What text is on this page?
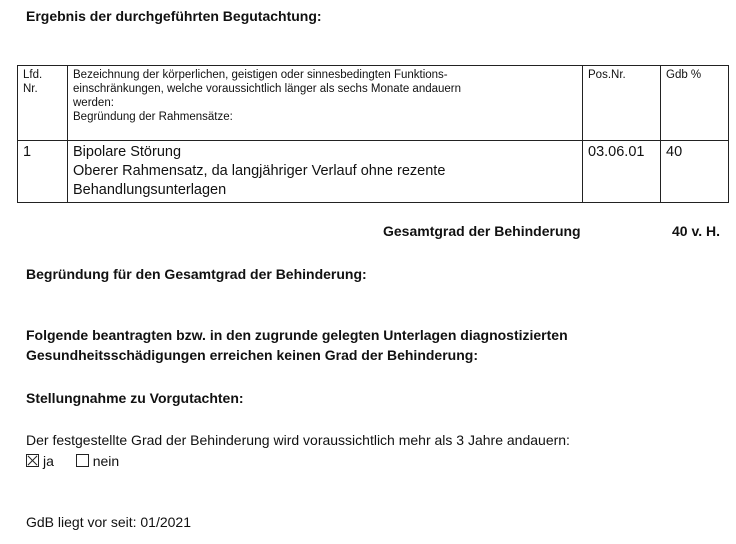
Ergebnis der durchgeführten Begutachtung:
Lfd.
Nr.	Bezeichnung der körperlichen, geistigen oder sinnesbedingten Funktions-
einschränkungen, welche voraussichtlich länger als sechs Monate andauern
werden:
Begründung der Rahmensätze:	Pos.Nr.	Gdb %
1	Bipolare Störung
Oberer Rahmensatz, da langjähriger Verlauf ohne rezente
Behandlungsunterlagen	03.06.01	40
Gesamtgrad der Behinderung	40 v. H.
Begründung für den Gesamtgrad der Behinderung:
Folgende beantragten bzw. in den zugrunde gelegten Unterlagen diagnostizierten
Gesundheitsschädigungen erreichen keinen Grad der Behinderung:
Stellungnahme zu Vorgutachten:
Der festgestellte Grad der Behinderung wird voraussichtlich mehr als 3 Jahre andauern:
ja	nein
GdB liegt vor seit: 01/2021
